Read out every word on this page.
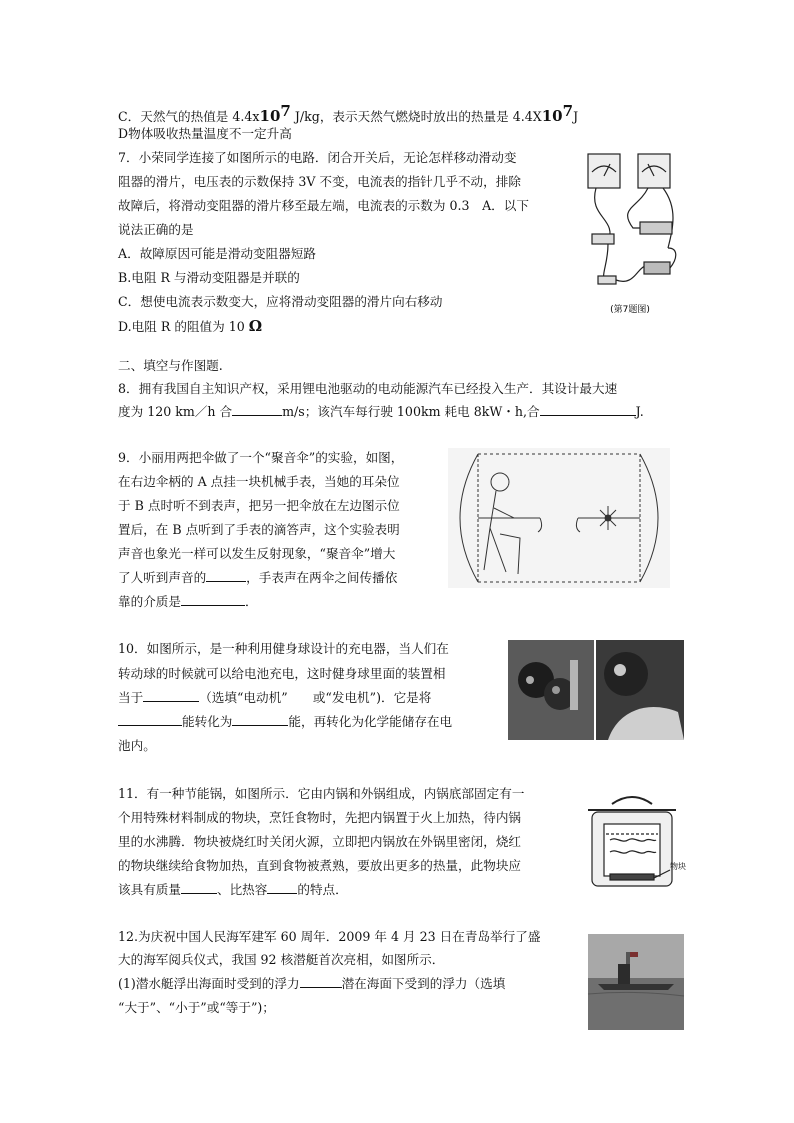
C．天然气的热值是 $4.4x10^7$ J/kg，表示天然气燃烧时放出的热量是 $4.4X10^7J$
D物体吸收热量温度不一定升高
7．小荣同学连接了如图所示的电路．闭合开关后，无论怎样移动滑动变
阻器的滑片，电压表的示数保持 3V 不变，电流表的指针几乎不动，排除
故障后，将滑动变阻器的滑片移至最左端，电流表的示数为 0.3　A．以下
说法正确的是
A．故障原因可能是滑动变阻器短路
B.电阻 R 与滑动变阻器是并联的
C．想使电流表示数变大，应将滑动变阻器的滑片向右移动
D.电阻 R 的阻值为 10 Ω
(第7题图)
二、填空与作图题.
8．拥有我国自主知识产权，采用锂电池驱动的电动能源汽车已经投入生产．其设计最大速
度为 120 km／h 合	m/s；该汽车每行驶 100km 耗电 8kW・h,合	J.
9．小丽用两把伞做了一个“聚音伞”的实验，如图，
在右边伞柄的 A 点挂一块机械手表，当她的耳朵位
于 B 点时听不到表声，把另一把伞放在左边图示位
置后，在 B 点听到了手表的滴答声，这个实验表明
声音也象光一样可以发生反射现象，“聚音伞”增大
了人听到声音的	，手表声在两伞之间传播依
靠的介质是	．
10．如图所示，是一种利用健身球设计的充电器，当人们在
转动球的时候就可以给电池充电，这时健身球里面的装置相
当于	（选填“电动机”　　或“发电机”)．它是将
能转化为	能，再转化为化学能储存在电
池内。
11．有一种节能锅，如图所示．它由内锅和外锅组成，内锅底部固定有一
个用特殊材料制成的物块，烹饪食物时，先把内锅置于火上加热，待内锅
里的水沸腾．物块被烧红时关闭火源，立即把内锅放在外锅里密闭，烧红
的物块继续给食物加热，直到食物被煮熟，要放出更多的热量，此物块应
该具有质量	、比热容 的特点．
物块
12.为庆祝中国人民海军建军 60 周年．2009 年 4 月 23 日在青岛举行了盛
大的海军阅兵仪式，我国 92 核潜艇首次亮相，如图所示．
(1)潜水艇浮出海面时受到的浮力	潜在海面下受到的浮力（选填
“大于”、“小于”或“等于”)；
